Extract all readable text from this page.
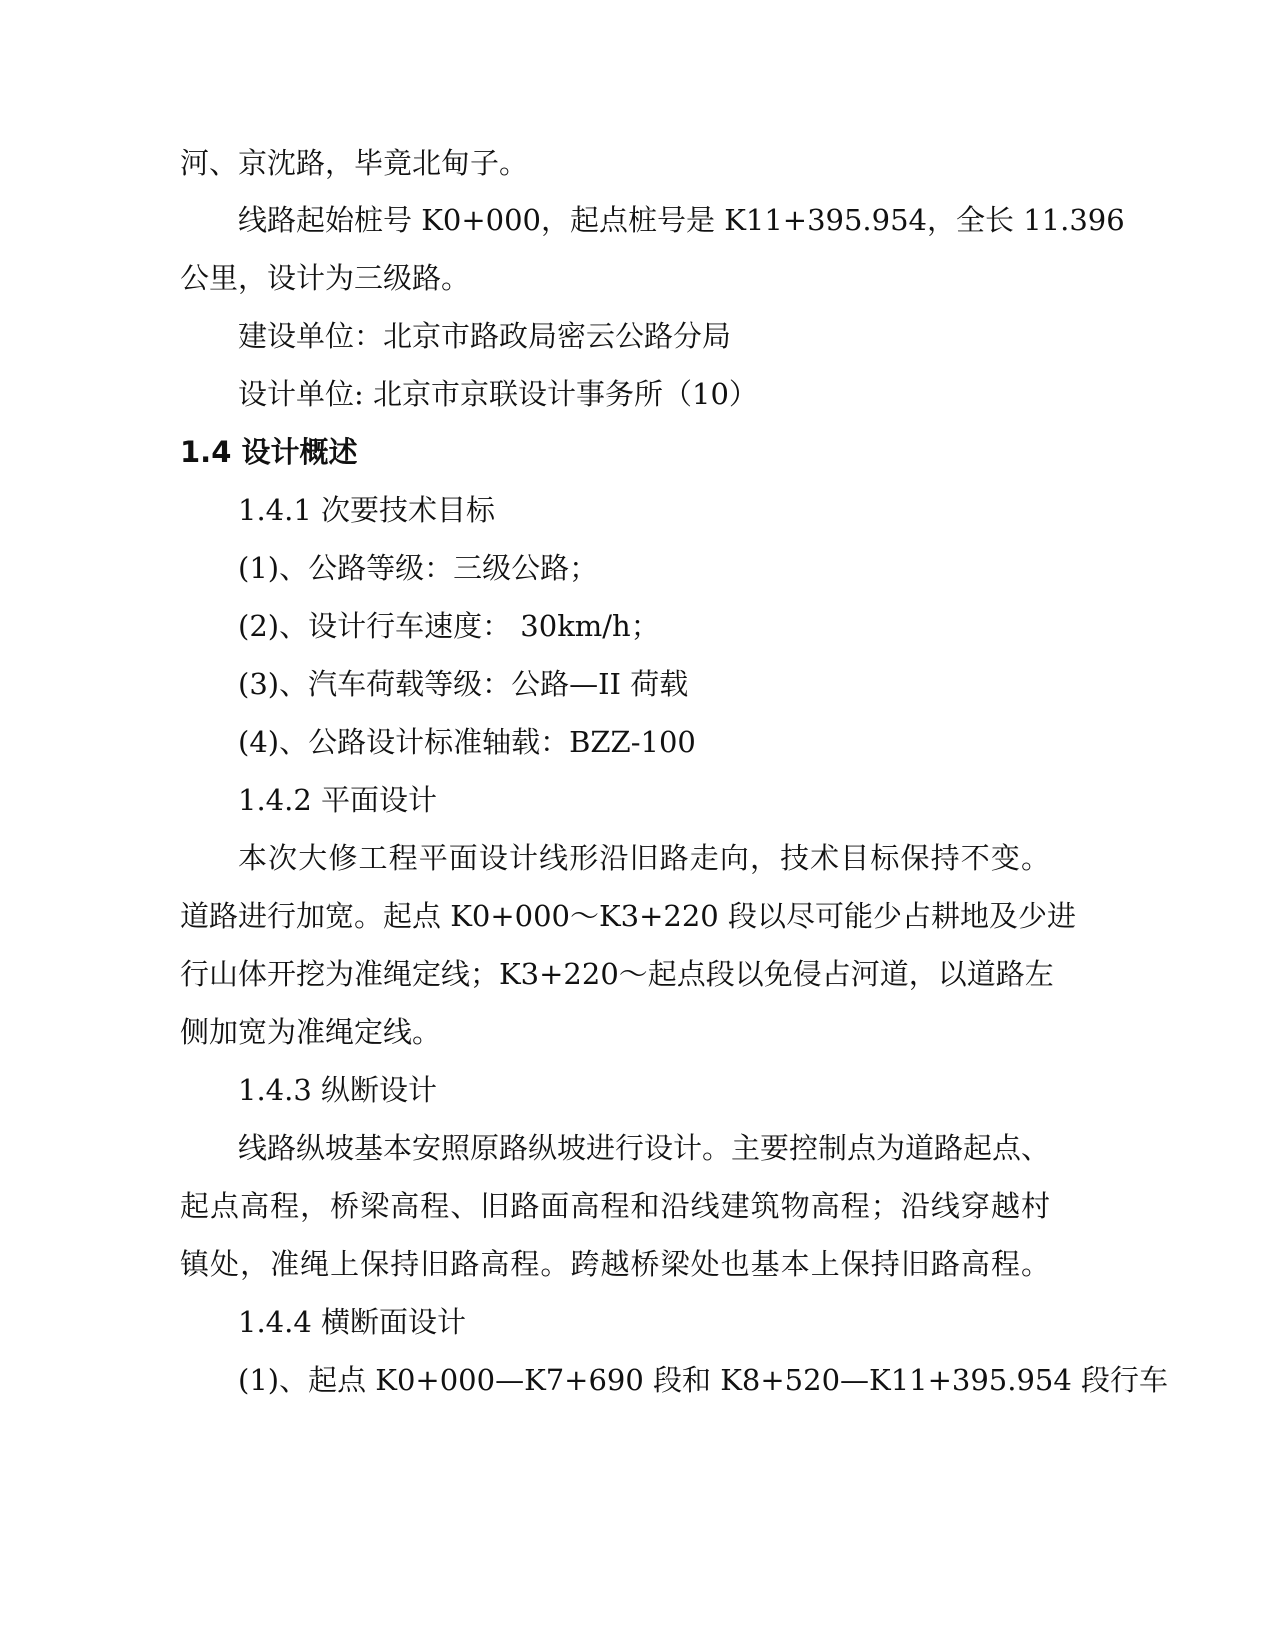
河、京沈路，毕竟北甸子。
线路起始桩号 K0+000，起点桩号是 K11+395.954，全长 11.396
公里，设计为三级路。
建设单位：北京市路政局密云公路分局
设计单位: 北京市京联设计事务所（10）
1.4 设计概述
1.4.1 次要技术目标
(1)、公路等级：三级公路；
(2)、设计行车速度： 30km/h；
(3)、汽车荷载等级：公路—II 荷载
(4)、公路设计标准轴载：BZZ-100
1.4.2 平面设计
本次大修工程平面设计线形沿旧路走向，技术目标保持不变。
道路进行加宽。起点 K0+000～K3+220 段以尽可能少占耕地及少进
行山体开挖为准绳定线；K3+220～起点段以免侵占河道，以道路左
侧加宽为准绳定线。
1.4.3 纵断设计
线路纵坡基本安照原路纵坡进行设计。主要控制点为道路起点、
起点高程，桥梁高程、旧路面高程和沿线建筑物高程；沿线穿越村
镇处，准绳上保持旧路高程。跨越桥梁处也基本上保持旧路高程。
1.4.4 横断面设计
(1)、起点 K0+000—K7+690 段和 K8+520—K11+395.954 段行车
